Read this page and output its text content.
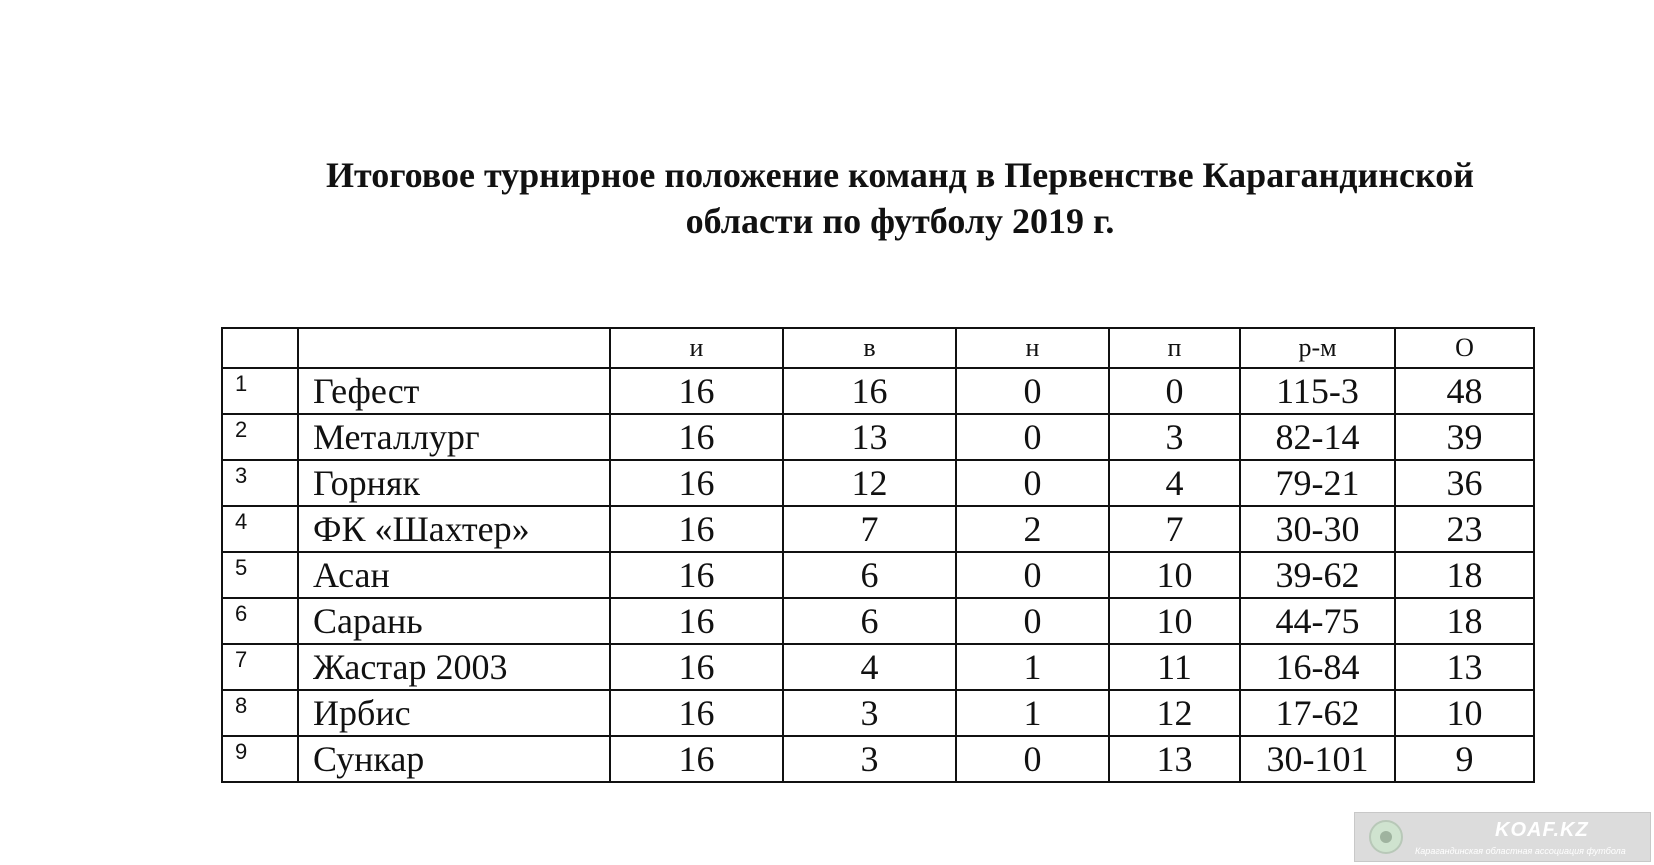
Итоговое турнирное положение команд в Первенстве Карагандинской
области по футболу 2019 г.
		и	в	н	п	р-м	О
1	Гефест	16	16	0	0	115-3	48
2	Металлург	16	13	0	3	82-14	39
3	Горняк	16	12	0	4	79-21	36
4	ФК «Шахтер»	16	7	2	7	30-30	23
5	Асан	16	6	0	10	39-62	18
6	Сарань	16	6	0	10	44-75	18
7	Жастар 2003	16	4	1	11	16-84	13
8	Ирбис	16	3	1	12	17-62	10
9	Сункар	16	3	0	13	30-101	9
KOAF.KZ
Карагандинская областная ассоциация футбола
